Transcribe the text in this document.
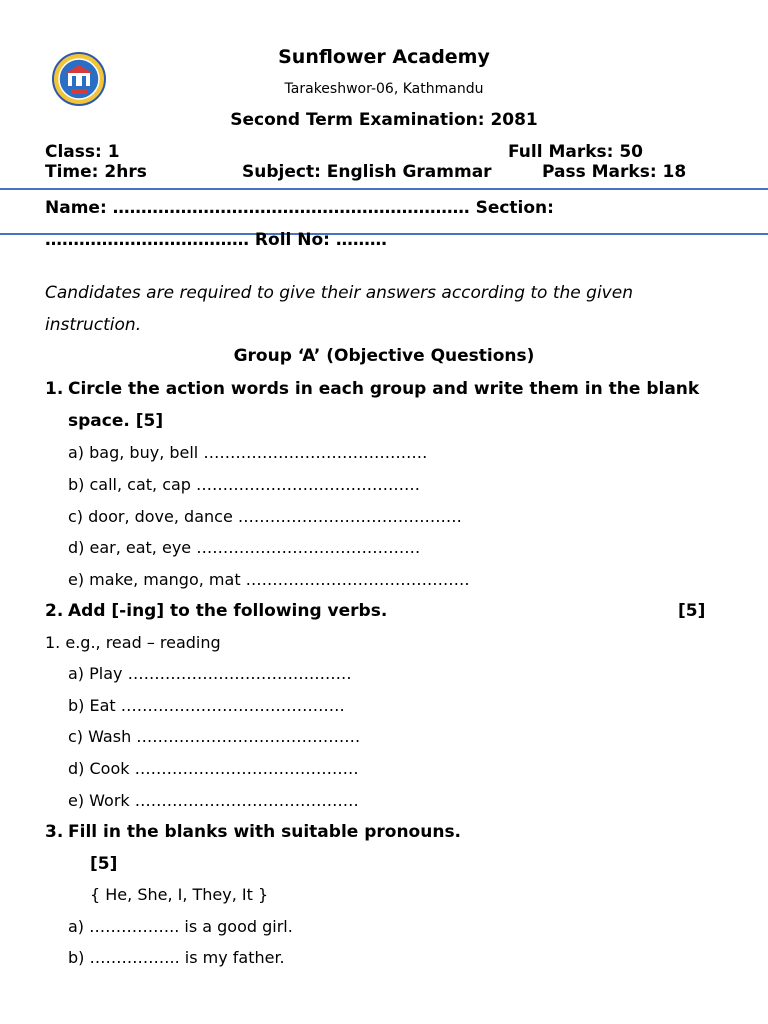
Sunflower Academy
Tarakeshwor-06, Kathmandu
Second Term Examination: 2081
Class: 1	Full Marks: 50
Time: 2hrs	Subject: English Grammar	Pass Marks: 18
Name: ……………………………………………………… Section:
……………………………… Roll No: ………
Candidates are required to give their answers according to the given
instruction.
Group ‘A’ (Objective Questions)
1. Circle the action words in each group and write them in the blank
space. [5]
a) bag, buy, bell ……………………………………
b) call, cat, cap ……………………………………
c) door, dove, dance ……………………………………
d) ear, eat, eye ……………………………………
e) make, mango, mat ……………………………………
2. Add [-ing] to the following verbs.	[5]
1. e.g., read – reading
a) Play ……………………………………
b) Eat ……………………………………
c) Wash ……………………………………
d) Cook ……………………………………
e) Work ……………………………………
3. Fill in the blanks with suitable pronouns.
[5]
{ He, She, I, They, It }
a) …………….. is a good girl.
b) …………….. is my father.
